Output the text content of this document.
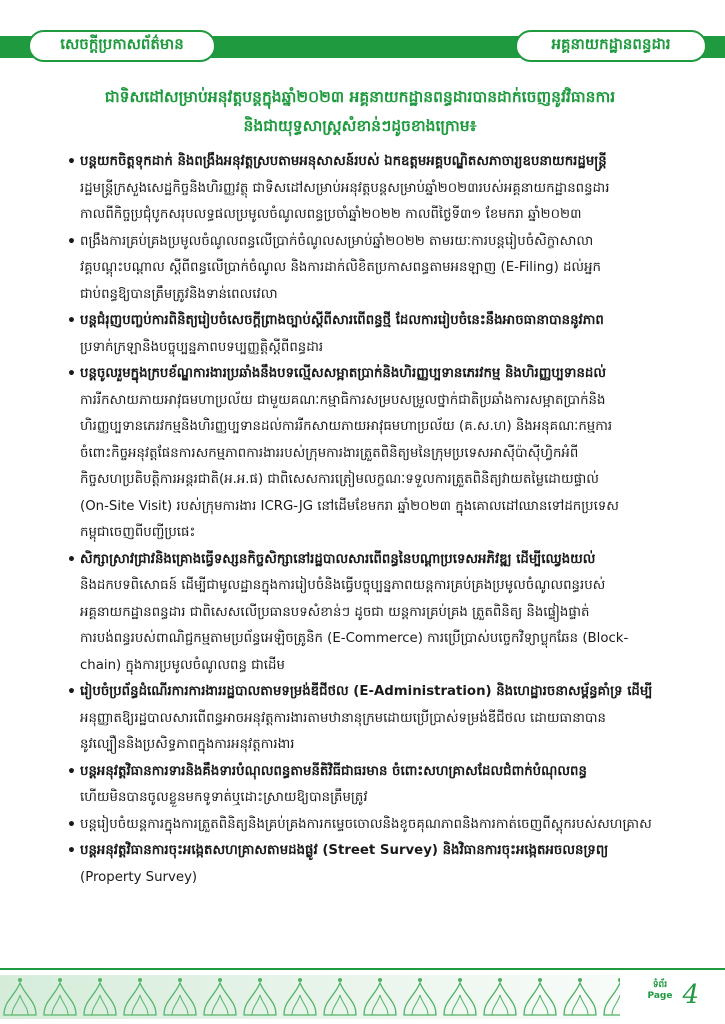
សេចក្តីប្រកាសព័ត៌មាន	អគ្គនាយកដ្ឋានពន្ធដារ
ជាទិសដៅសម្រាប់អនុវត្តបន្តក្នុងឆ្នាំ២០២៣ អគ្គនាយកដ្ឋានពន្ធដារបានដាក់ចេញនូវវិធានការ
និងជាយុទ្ធសាស្ត្រសំខាន់ៗដូចខាងក្រោម៖
• បន្តយកចិត្តទុកដាក់ និងពង្រឹងអនុវត្តស្របតាមអនុសាសន៍របស់ ឯកឧត្តមអគ្គបណ្ឌិតសភាចារ្យឧបនាយករដ្ឋមន្ត្រី
រដ្ឋមន្ត្រីក្រសួងសេដ្ឋកិច្ចនិងហិរញ្ញវត្ថុ ជាទិសដៅសម្រាប់អនុវត្តបន្តសម្រាប់ឆ្នាំ២០២៣របស់អគ្គនាយកដ្ឋានពន្ធដារ
កាលពីកិច្ចប្រជុំបូកសរុបលទ្ធផលប្រមូលចំណូលពន្ធប្រចាំឆ្នាំ២០២២ កាលពីថ្ងៃទី៣១ ខែមករា ឆ្នាំ២០២៣
• ពង្រឹងការគ្រប់គ្រងប្រមូលចំណូលពន្ធលើប្រាក់ចំណូលសម្រាប់ឆ្នាំ២០២២ តាមរយៈការបន្តរៀបចំសិក្ខាសាលា
វគ្គបណ្តុះបណ្តាល ស្តីពីពន្ធលើប្រាក់ចំណូល និងការដាក់លិខិតប្រកាសពន្ធតាមអនឡាញ (E-Filing) ដល់អ្នក
ជាប់ពន្ធឱ្យបានត្រឹមត្រូវនិងទាន់ពេលវេលា
• បន្តជំរុញបញ្ចប់ការពិនិត្យរៀបចំសេចក្តីព្រាងច្បាប់ស្តីពីសារពើពន្ធថ្មី ដែលការរៀបចំនេះនឹងអាចធានាបាននូវភាព
ប្រទាក់ក្រឡានិងបច្ចុប្បន្នភាពបទប្បញ្ញត្តិស្តីពីពន្ធដារ
• បន្តចូលរួមក្នុងក្របខ័ណ្ឌការងារប្រឆាំងនឹងបទល្មើសសម្អាតប្រាក់និងហិរញ្ញប្បទានភេរវកម្ម និងហិរញ្ញប្បទានដល់
ការរីកសាយភាយអាវុធមហាប្រល័យ ជាមួយគណៈកម្មាធិការសម្របសម្រួលថ្នាក់ជាតិប្រឆាំងការសម្អាតប្រាក់និង
ហិរញ្ញប្បទានភេរវកម្មនិងហិរញ្ញប្បទានដល់ការរីកសាយភាយអាវុធមហាប្រល័យ (គ.ស.ហ) និងអនុគណៈកម្មការ
ចំពោះកិច្ចអនុវត្តផែនការសកម្មភាពការងាររបស់ក្រុមការងារត្រួតពិនិត្យមនៃក្រុមប្រទេសអាស៊ីប៉ាស៊ីហ្វិកអំពី
កិច្ចសហប្រតិបត្តិការអន្តរជាតិ(អ.អ.ផ) ជាពិសេសការត្រៀមលក្ខណៈទទួលការត្រួតពិនិត្យវាយតម្លៃដោយផ្ទាល់
(On-Site Visit) របស់ក្រុមការងារ ICRG-JG នៅដើមខែមករា ឆ្នាំ២០២៣ ក្នុងគោលដៅឈានទៅដកប្រទេស
កម្ពុជាចេញពីបញ្ជីប្រផេះ
• សិក្សាស្រាវជ្រាវនិងគ្រោងធ្វើទស្សនកិច្ចសិក្សានៅរដ្ឋបាលសារពើពន្ធនៃបណ្តាប្រទេសអភិវឌ្ឍ ដើម្បីឈ្វេងយល់
និងដកបទពិសោធន៍ ដើម្បីជាមូលដ្ឋានក្នុងការរៀបចំនិងធ្វើបច្ចុប្បន្នភាពយន្តការគ្រប់គ្រងប្រមូលចំណូលពន្ធរបស់
អគ្គនាយកដ្ឋានពន្ធដារ ជាពិសេសលើប្រធានបទសំខាន់ៗ ដូចជា យន្តការគ្រប់គ្រង ត្រួតពិនិត្យ និងផ្ទៀងផ្ទាត់
ការបង់ពន្ធរបស់ពាណិជ្ជកម្មតាមប្រព័ន្ធអេឡិចត្រូនិក (E-Commerce) ការប្រើប្រាស់បច្ចេកវិទ្យាប្លុកឆែន (Block-
chain) ក្នុងការប្រមូលចំណូលពន្ធ ជាដើម
• រៀបចំប្រព័ន្ធដំណើរការការងាររដ្ឋបាលតាមទម្រង់ឌីជីថល (E-Administration) និងហេដ្ឋារចនាសម្ព័ន្ធគាំទ្រ ដើម្បី
អនុញ្ញាតឱ្យរដ្ឋបាលសារពើពន្ធអាចអនុវត្តការងារតាមឋានានុក្រមដោយប្រើប្រាស់ទម្រង់ឌីជីថល ដោយធានាបាន
នូវល្បឿននិងប្រសិទ្ធភាពក្នុងការអនុវត្តការងារ
• បន្តអនុវត្តវិធានការទារនិងគឹងទារបំណុលពន្ធតាមនីតិវិធីជាធរមាន ចំពោះសហគ្រាសដែលជំពាក់បំណុលពន្ធ
ហើយមិនបានចូលខ្លួនមកទូទាត់ឬដោះស្រាយឱ្យបានត្រឹមត្រូវ
• បន្តរៀបចំយន្តការក្នុងការត្រួតពិនិត្យនិងគ្រប់គ្រងការកម្ទេចចោលនិងខូចគុណភាពនិងការកាត់ចេញពីស្តុករបស់សហគ្រាស
• បន្តអនុវត្តវិធានការចុះអង្កេតសហគ្រាសតាមដងផ្លូវ (Street Survey) និងវិធានការចុះអង្កេតអចលនទ្រព្យ
(Property Survey)
ទំព័រ
Page 4
